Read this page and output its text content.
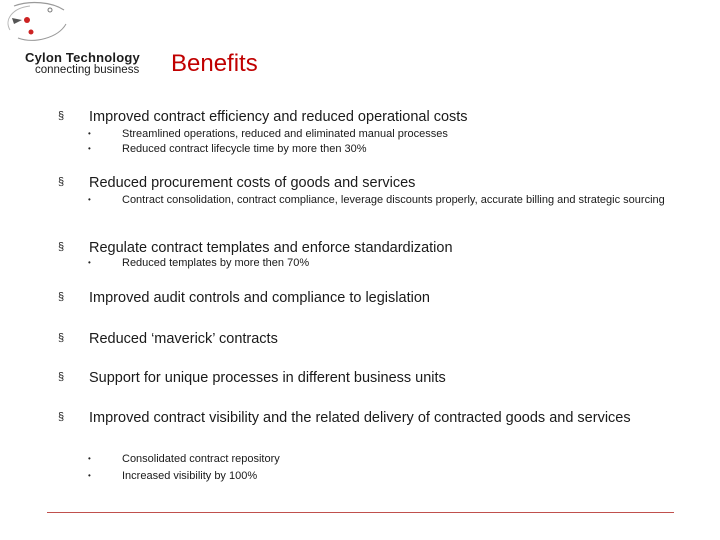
Cylon Technology
connecting business Benefits
§ Improved contract efficiency and reduced operational costs
•	Streamlined operations, reduced and eliminated manual processes
•	Reduced contract lifecycle time by more then 30%
§ Reduced procurement costs of goods and services
•	Contract consolidation, contract compliance, leverage discounts properly, accurate billing and strategic sourcing
§ Regulate contract templates and enforce standardization
•	Reduced templates by more then 70%
§ Improved audit controls and compliance to legislation
§ Reduced ‘maverick’ contracts
§ Support for unique processes in different business units
§ Improved contract visibility and the related delivery of contracted goods and services
•	Consolidated contract repository
•	Increased visibility by 100%
